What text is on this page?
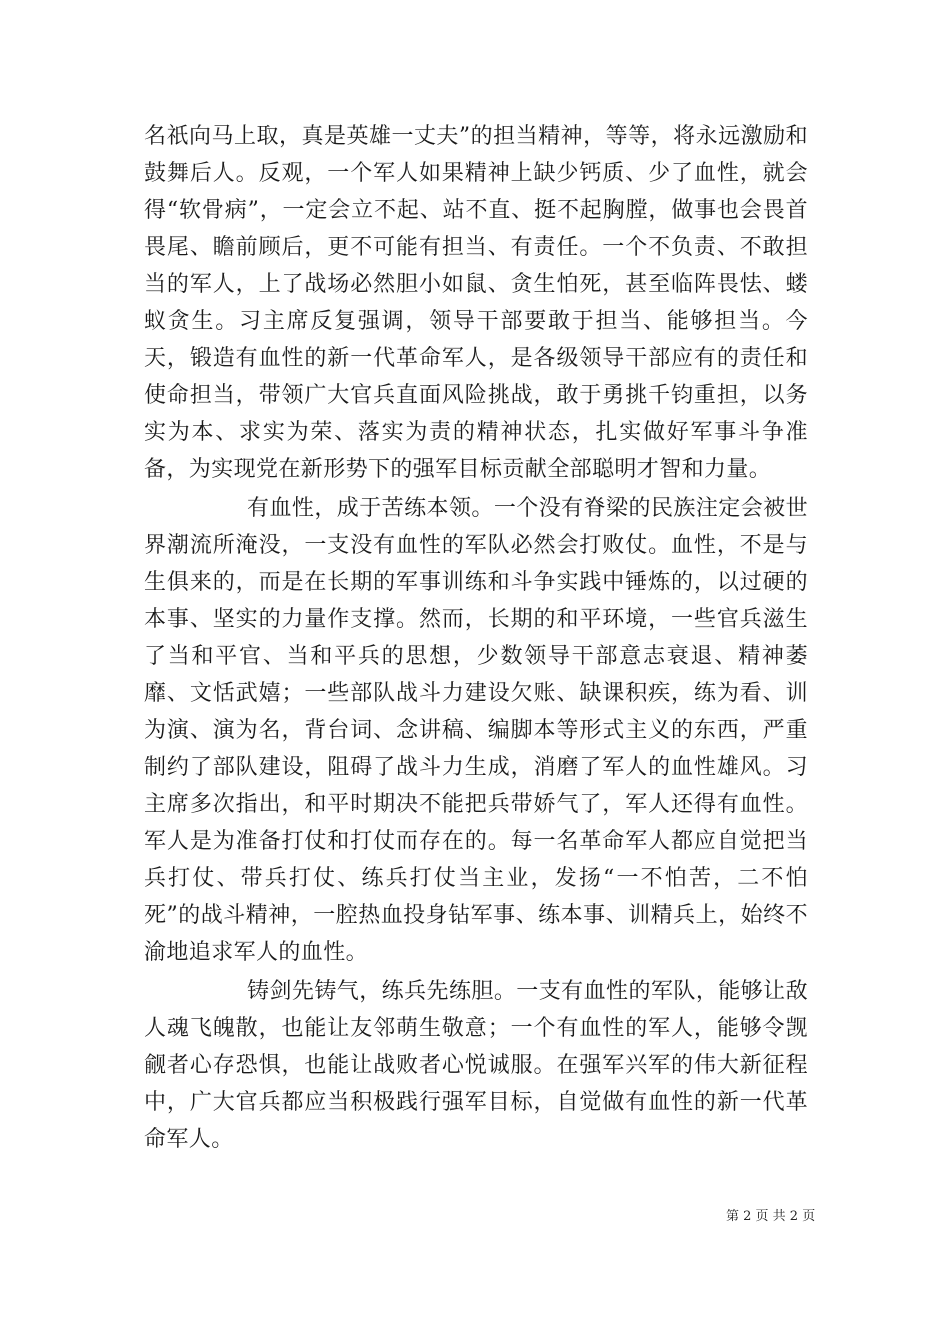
名祇向马上取，真是英雄一丈夫”的担当精神，等等，将永远激励和鼓舞后人。反观，一个军人如果精神上缺少钙质、少了血性，就会得“软骨病”，一定会立不起、站不直、挺不起胸膛，做事也会畏首畏尾、瞻前顾后，更不可能有担当、有责任。一个不负责、不敢担当的军人，上了战场必然胆小如鼠、贪生怕死，甚至临阵畏怯、蝼蚁贪生。习主席反复强调，领导干部要敢于担当、能够担当。今天，锻造有血性的新一代革命军人，是各级领导干部应有的责任和使命担当，带领广大官兵直面风险挑战，敢于勇挑千钧重担，以务实为本、求实为荣、落实为责的精神状态，扎实做好军事斗争准备，为实现党在新形势下的强军目标贡献全部聪明才智和力量。

有血性，成于苦练本领。一个没有脊梁的民族注定会被世界潮流所淹没，一支没有血性的军队必然会打败仗。血性，不是与生俱来的，而是在长期的军事训练和斗争实践中锤炼的，以过硬的本事、坚实的力量作支撑。然而，长期的和平环境，一些官兵滋生了当和平官、当和平兵的思想，少数领导干部意志衰退、精神萎靡、文恬武嬉；一些部队战斗力建设欠账、缺课积疾，练为看、训为演、演为名，背台词、念讲稿、编脚本等形式主义的东西，严重制约了部队建设，阻碍了战斗力生成，消磨了军人的血性雄风。习主席多次指出，和平时期决不能把兵带娇气了，军人还得有血性。军人是为准备打仗和打仗而存在的。每一名革命军人都应自觉把当兵打仗、带兵打仗、练兵打仗当主业，发扬“一不怕苦，二不怕死”的战斗精神，一腔热血投身钻军事、练本事、训精兵上，始终不渝地追求军人的血性。

铸剑先铸气，练兵先练胆。一支有血性的军队，能够让敌人魂飞魄散，也能让友邻萌生敬意；一个有血性的军人，能够令觊觎者心存恐惧，也能让战败者心悦诚服。在强军兴军的伟大新征程中，广大官兵都应当积极践行强军目标，自觉做有血性的新一代革命军人。

第 2 页 共 2 页
